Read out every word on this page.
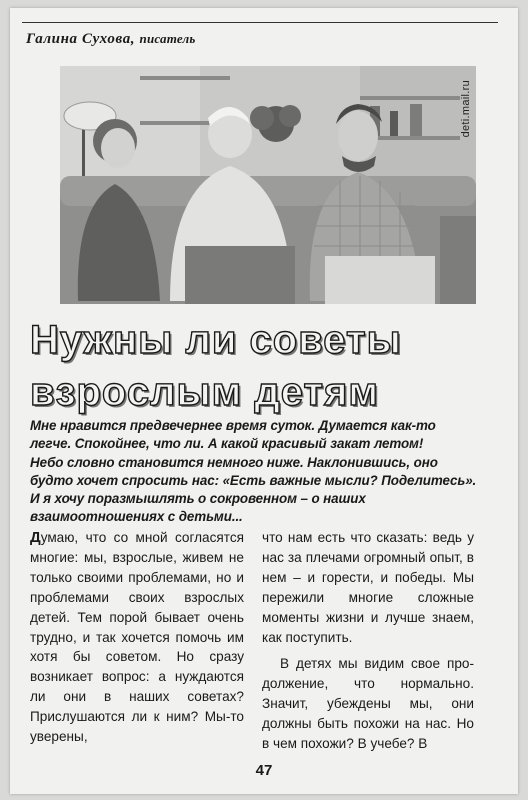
Галина Сухова, писатель
deti.mail.ru
Нужны ли советы
взрослым детям

Мне нравится предвечернее время суток. Думается как-то

легче. Спокойнее, что ли. А какой красивый закат летом!

Небо словно становится немного ниже. Наклонившись, оно

будто хочет спросить нас: «Есть важные мысли? Поделитесь».

И я хочу поразмышлять о сокровенном – о наших

взаимоотношениях с детьми...

Думаю, что со мной согласятся многие: мы, взрослые, живем не только своими проблемами, но и проблемами своих взрослых детей. Тем порой бывает очень трудно, и так хочется помочь им хотя бы советом. Но сразу возникает вопрос: а нуждаются ли они в наших советах? Прислушаются ли к ним? Мы-то уверены,

что нам есть что сказать: ведь у нас за плечами огромный опыт, в нем – и горести, и победы. Мы пережили многие сложные моменты жизни и лучше знаем, как поступить.

В детях мы видим свое продолжение, что нормально. Значит, убеждены мы, они должны быть похожи на нас. Но в чем похожи? В учебе? В

47
